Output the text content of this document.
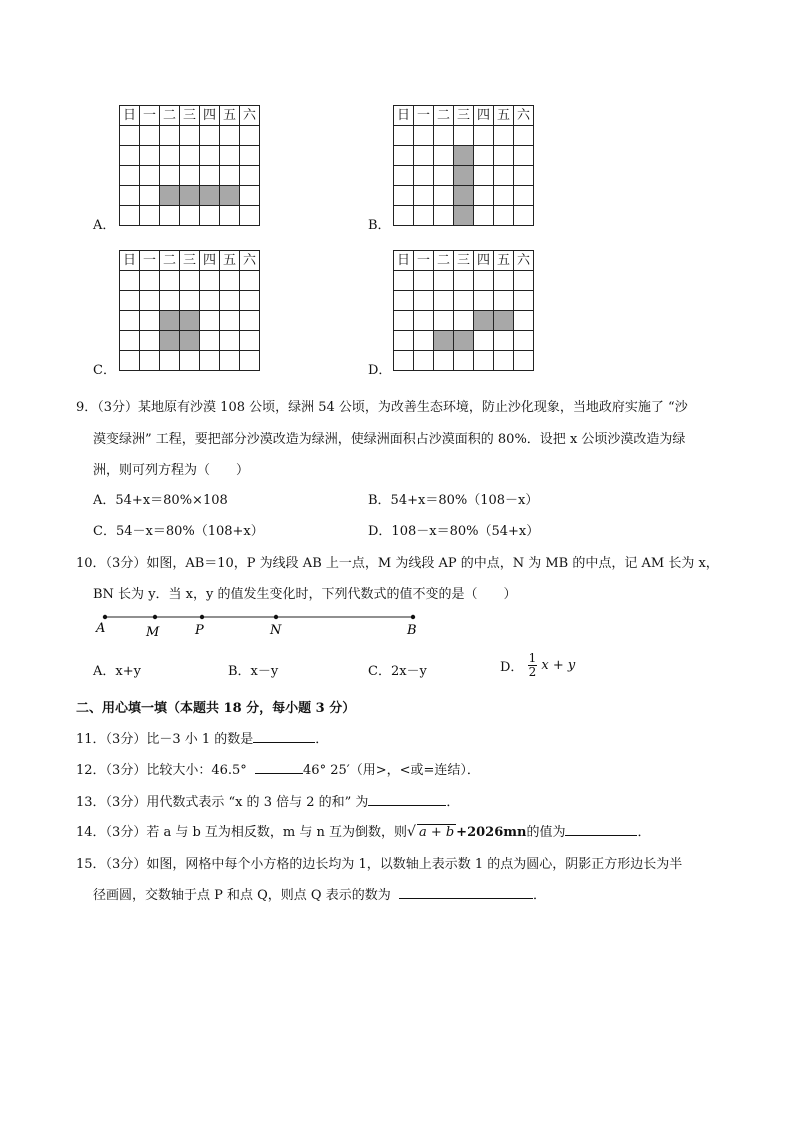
A．
日	一	二	三	四	五	六

B．
日	一	二	三	四	五	六

C．
日	一	二	三	四	五	六

D．
日	一	二	三	四	五	六

9．（3分）某地原有沙漠 108 公顷，绿洲 54 公顷，为改善生态环境，防止沙化现象，当地政府实施了 “沙
漠变绿洲” 工程，要把部分沙漠改造为绿洲，使绿洲面积占沙漠面积的 80%．设把 x 公顷沙漠改造为绿
洲，则可列方程为（　　）
A．54+x＝80%×108	B．54+x＝80%（108－x）
C．54－x＝80%（108+x）	D．108－x＝80%（54+x）
10．（3分）如图，AB＝10，P 为线段 AB 上一点，M 为线段 AP 的中点，N 为 MB 的中点，记 AM 长为 x，
BN 长为 y．当 x，y 的值发生变化时，下列代数式的值不变的是（　　）
A	M	P	N	B
A．x+y	B．x－y	C．2x－y	D． $\frac{1}{2}$ x + y
二、用心填一填（本题共 18 分，每小题 3 分）
11．（3分）比－3 小 1 的数是	．
12．（3分）比较大小：46.5°	46° 25′（用>，<或=连结）．
13．（3分）用代数式表示 “x 的 3 倍与 2 的和” 为	．
14．（3分）若 a 与 b 互为相反数，m 与 n 互为倒数，则√ a + b +2026mn的值为	．
15．（3分）如图，网格中每个小方格的边长均为 1，以数轴上表示数 1 的点为圆心，阴影正方形边长为半
径画圆，交数轴于点 P 和点 Q，则点 Q 表示的数为	．
